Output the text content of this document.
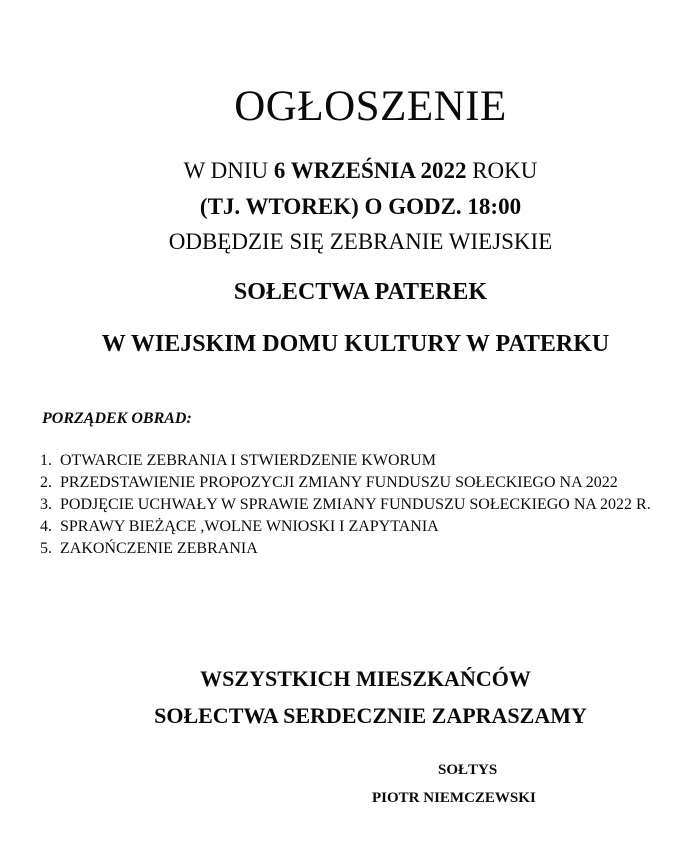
OGŁOSZENIE
W DNIU 6 WRZEŚNIA 2022 ROKU
(TJ. WTOREK) O GODZ. 18:00
ODBĘDZIE SIĘ ZEBRANIE WIEJSKIE
SOŁECTWA PATEREK
W WIEJSKIM DOMU KULTURY W PATERKU
PORZĄDEK OBRAD:
1. OTWARCIE ZEBRANIA I STWIERDZENIE KWORUM
2. PRZEDSTAWIENIE PROPOZYCJI ZMIANY FUNDUSZU SOŁECKIEGO NA 2022
3. PODJĘCIE UCHWAŁY W SPRAWIE ZMIANY FUNDUSZU SOŁECKIEGO NA 2022 R.
4. SPRAWY BIEŻĄCE ,WOLNE WNIOSKI I ZAPYTANIA
5. ZAKOŃCZENIE ZEBRANIA
WSZYSTKICH MIESZKAŃCÓW
SOŁECTWA SERDECZNIE ZAPRASZAMY
SOŁTYS
PIOTR NIEMCZEWSKI
